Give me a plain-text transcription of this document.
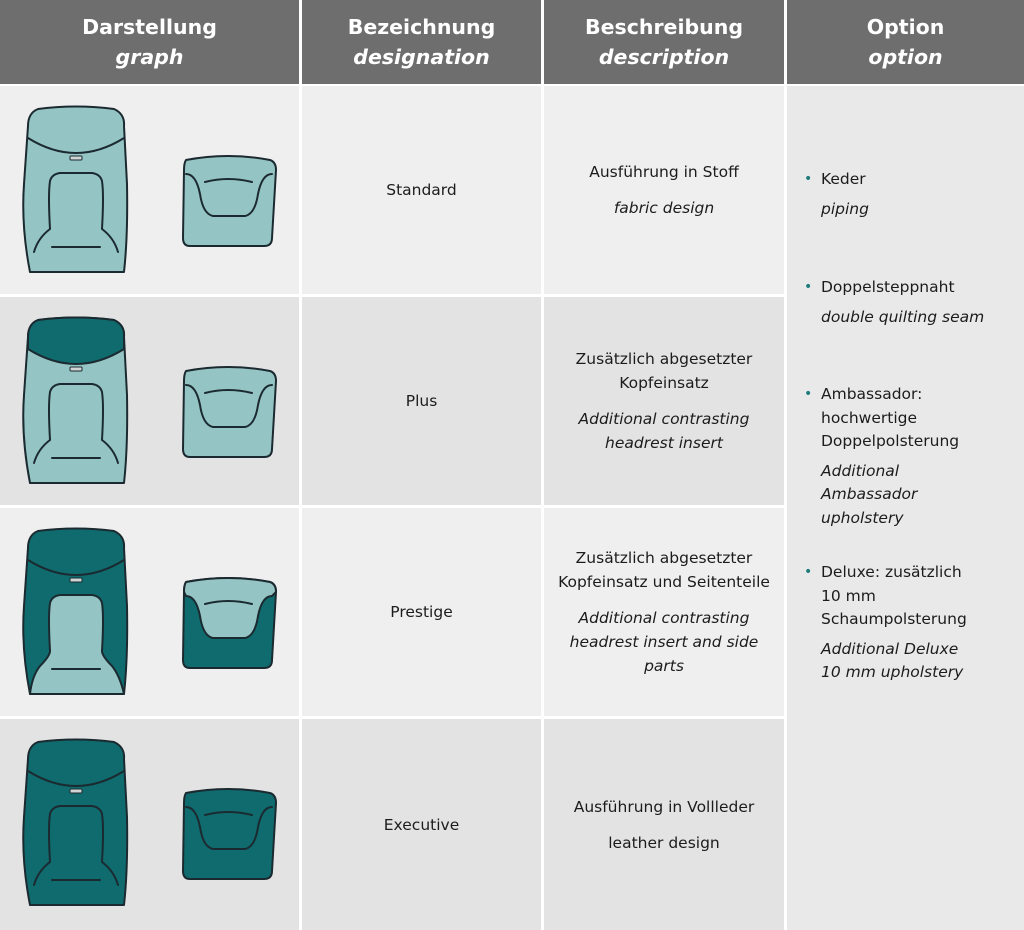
Darstellung
graph
Bezeichnung
designation
Beschreibung
description
Option
option
Standard
Plus
Prestige
Executive
Ausführung in Stoff
fabric design
Zusätzlich abgesetzter Kopfeinsatz
Additional contrasting headrest insert
Zusätzlich abgesetzter Kopfeinsatz und Seitenteile
Additional contrasting headrest insert and side parts
Ausführung in Vollleder
leather design
• Keder
piping
• Doppelsteppnaht
double quilting seam
• Ambassador: hochwertige Doppelpolsterung
Additional Ambassador upholstery
• Deluxe: zusätzlich 10 mm Schaumpolsterung
Additional Deluxe 10 mm upholstery
